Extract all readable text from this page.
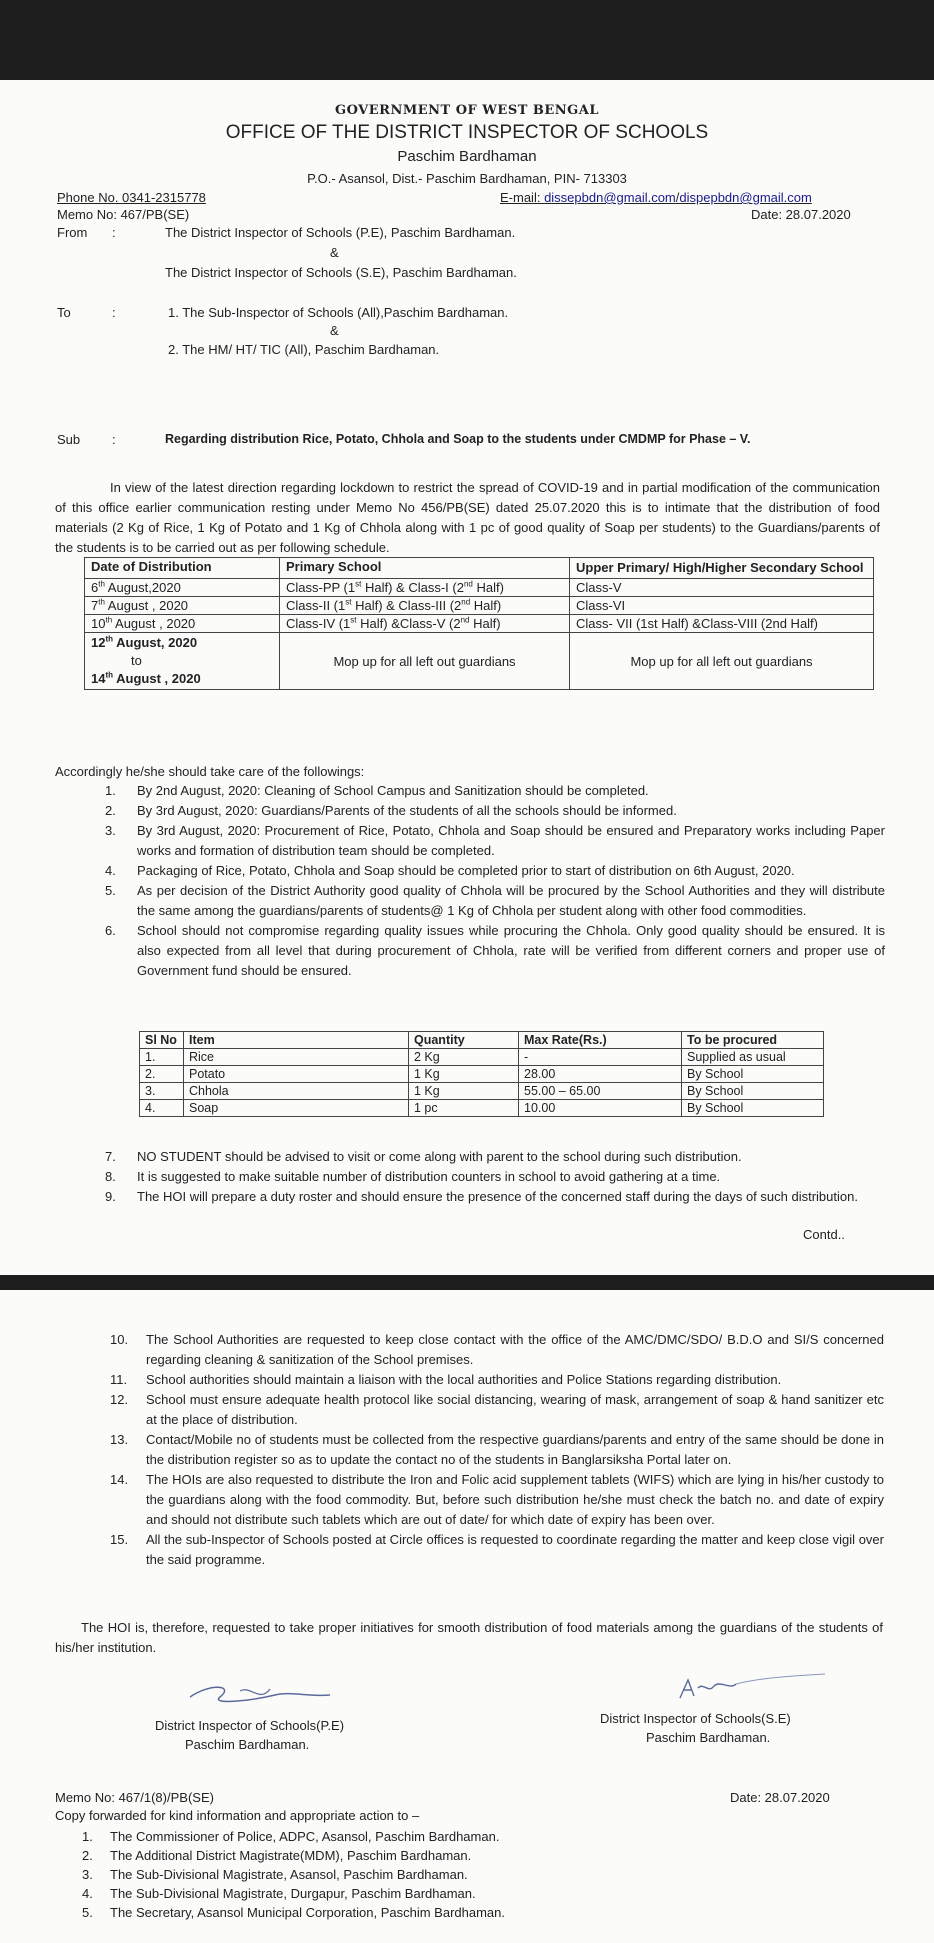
GOVERNMENT OF WEST BENGAL
OFFICE OF THE DISTRICT INSPECTOR OF SCHOOLS
Paschim Bardhaman
P.O.- Asansol, Dist.- Paschim Bardhaman, PIN- 713303
Phone No. 0341-2315778	E-mail: dissepbdn@gmail.com/dispepbdn@gmail.com
Memo No: 467/PB(SE)	Date: 28.07.2020
From :	The District Inspector of Schools (P.E), Paschim Bardhaman.
&
The District Inspector of Schools (S.E), Paschim Bardhaman.
To	:	1. The Sub-Inspector of Schools (All),Paschim Bardhaman.
&
2. The HM/ HT/ TIC (All), Paschim Bardhaman.
Sub :	Regarding distribution Rice, Potato, Chhola and Soap to the students under CMDMP for Phase – V.
In view of the latest direction regarding lockdown to restrict the spread of COVID-19 and in partial modification of the communication of this office earlier communication resting under Memo No 456/PB(SE) dated 25.07.2020 this is to intimate that the distribution of food materials (2 Kg of Rice, 1 Kg of Potato and 1 Kg of Chhola along with 1 pc of good quality of Soap per students) to the Guardians/parents of the students is to be carried out as per following schedule.
Date of Distribution	Primary School	Upper Primary/ High/Higher Secondary School
6th August,2020	Class-PP (1st Half) & Class-I (2nd Half)	Class-V
7th August , 2020	Class-II (1st Half) & Class-III (2nd Half)	Class-VI
10th August , 2020	Class-IV (1st Half) &Class-V (2nd Half)	Class- VII (1st Half) &Class-VIII (2nd Half)

12th August, 2020
to
14th August , 2020	Mop up for all left out guardians	Mop up for all left out guardians
Accordingly he/she should take care of the followings:
1. By 2nd August, 2020: Cleaning of School Campus and Sanitization should be completed.
2. By 3rd August, 2020: Guardians/Parents of the students of all the schools should be informed.
3. By 3rd August, 2020: Procurement of Rice, Potato, Chhola and Soap should be ensured and Preparatory works including Paper works and formation of distribution team should be completed.
4. Packaging of Rice, Potato, Chhola and Soap should be completed prior to start of distribution on 6th August, 2020.
5. As per decision of the District Authority good quality of Chhola will be procured by the School Authorities and they will distribute the same among the guardians/parents of students@ 1 Kg of Chhola per student along with other food commodities.
6. School should not compromise regarding quality issues while procuring the Chhola. Only good quality should be ensured. It is also expected from all level that during procurement of Chhola, rate will be verified from different corners and proper use of Government fund should be ensured.
Sl No	Item	Quantity	Max Rate(Rs.)	To be procured
1.	Rice	2 Kg	-	Supplied as usual
2.	Potato	1 Kg	28.00	By School
3.	Chhola	1 Kg	55.00 – 65.00	By School
4.	Soap	1 pc	10.00	By School
7. NO STUDENT should be advised to visit or come along with parent to the school during such distribution.
8. It is suggested to make suitable number of distribution counters in school to avoid gathering at a time.
9. The HOI will prepare a duty roster and should ensure the presence of the concerned staff during the days of such distribution.
Contd..
10. The School Authorities are requested to keep close contact with the office of the AMC/DMC/SDO/ B.D.O and SI/S concerned regarding cleaning & sanitization of the School premises.
11. School authorities should maintain a liaison with the local authorities and Police Stations regarding distribution.
12. School must ensure adequate health protocol like social distancing, wearing of mask, arrangement of soap & hand sanitizer etc at the place of distribution.
13. Contact/Mobile no of students must be collected from the respective guardians/parents and entry of the same should be done in the distribution register so as to update the contact no of the students in Banglarsiksha Portal later on.
14. The HOIs are also requested to distribute the Iron and Folic acid supplement tablets (WIFS) which are lying in his/her custody to the guardians along with the food commodity. But, before such distribution he/she must check the batch no. and date of expiry and should not distribute such tablets which are out of date/ for which date of expiry has been over.
15. All the sub-Inspector of Schools posted at Circle offices is requested to coordinate regarding the matter and keep close vigil over the said programme.
The HOI is, therefore, requested to take proper initiatives for smooth distribution of food materials among the guardians of the students of his/her institution.
District Inspector of Schools(P.E)
Paschim Bardhaman.
District Inspector of Schools(S.E)
Paschim Bardhaman.
Memo No: 467/1(8)/PB(SE)	Date: 28.07.2020
Copy forwarded for kind information and appropriate action to –
1. The Commissioner of Police, ADPC, Asansol, Paschim Bardhaman.
2. The Additional District Magistrate(MDM), Paschim Bardhaman.
3. The Sub-Divisional Magistrate, Asansol, Paschim Bardhaman.
4. The Sub-Divisional Magistrate, Durgapur, Paschim Bardhaman.
5. The Secretary, Asansol Municipal Corporation, Paschim Bardhaman.
